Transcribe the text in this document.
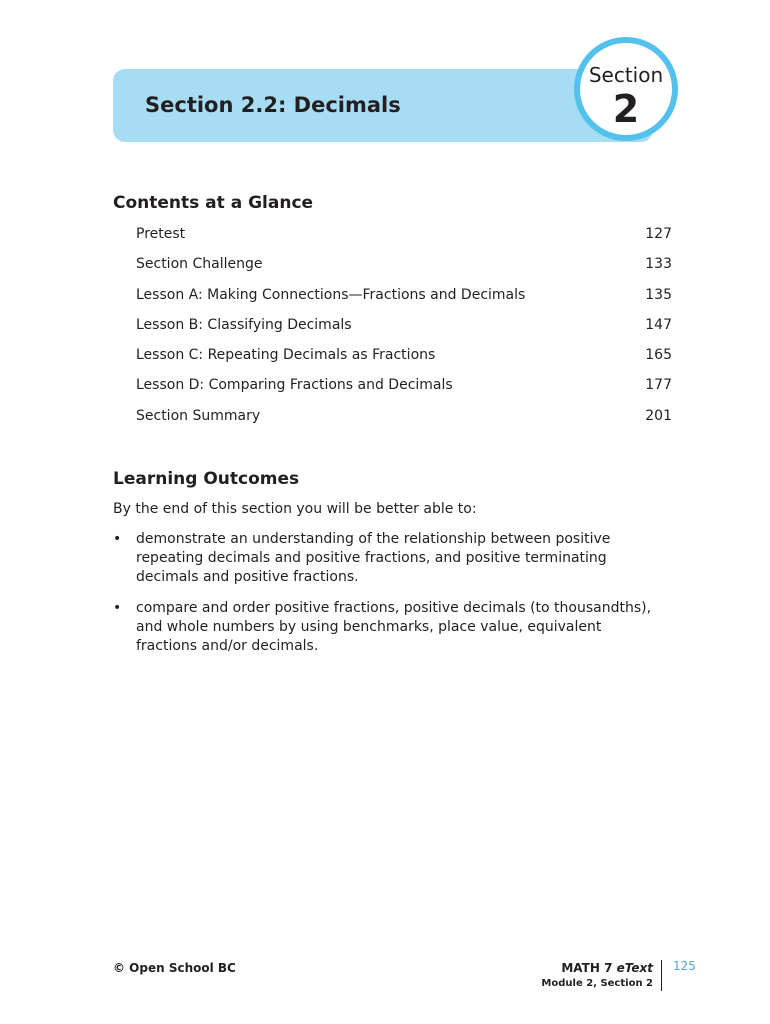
Section 2.2: Decimals
Section
2
Contents at a Glance
Pretest	127
Section Challenge	133
Lesson A: Making Connections—Fractions and Decimals	135
Lesson B: Classifying Decimals	147
Lesson C: Repeating Decimals as Fractions	165
Lesson D: Comparing Fractions and Decimals	177
Section Summary	201
Learning Outcomes

By the end of this section you will be better able to:

•	demonstrate an understanding of the relationship between positive repeating decimals and positive fractions, and positive terminating decimals and positive fractions.
•	compare and order positive fractions, positive decimals (to thousandths), and whole numbers by using benchmarks, place value, equivalent fractions and/or decimals.
© Open School BC	MATH 7 eText
Module 2, Section 2
125
